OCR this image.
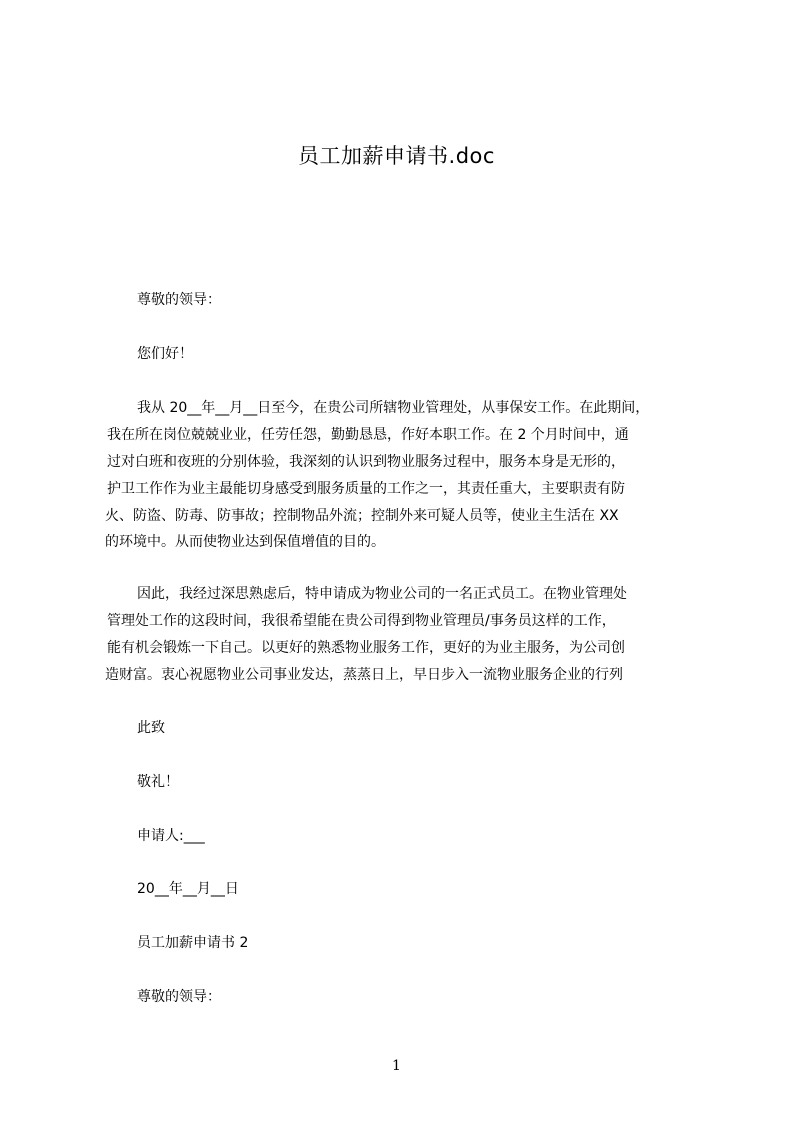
员工加薪申请书.doc
尊敬的领导：
您们好！
我从 20__年__月__日至今，在贵公司所辖物业管理处，从事保安工作。在此期间，
我在所在岗位兢兢业业，任劳任怨，勤勤恳恳，作好本职工作。在 2 个月时间中，通
过对白班和夜班的分别体验，我深刻的认识到物业服务过程中，服务本身是无形的，
护卫工作作为业主最能切身感受到服务质量的工作之一，其责任重大，主要职责有防
火、防盗、防毒、防事故；控制物品外流；控制外来可疑人员等，使业主生活在 XX
的环境中。从而使物业达到保值增值的目的。
因此，我经过深思熟虑后，特申请成为物业公司的一名正式员工。在物业管理处
管理处工作的这段时间，我很希望能在贵公司得到物业管理员/事务员这样的工作，
能有机会锻炼一下自己。以更好的熟悉物业服务工作，更好的为业主服务，为公司创
造财富。衷心祝愿物业公司事业发达，蒸蒸日上，早日步入一流物业服务企业的行列
此致
敬礼！
申请人:___
20__年__月__日
员工加薪申请书 2
尊敬的领导：
1
